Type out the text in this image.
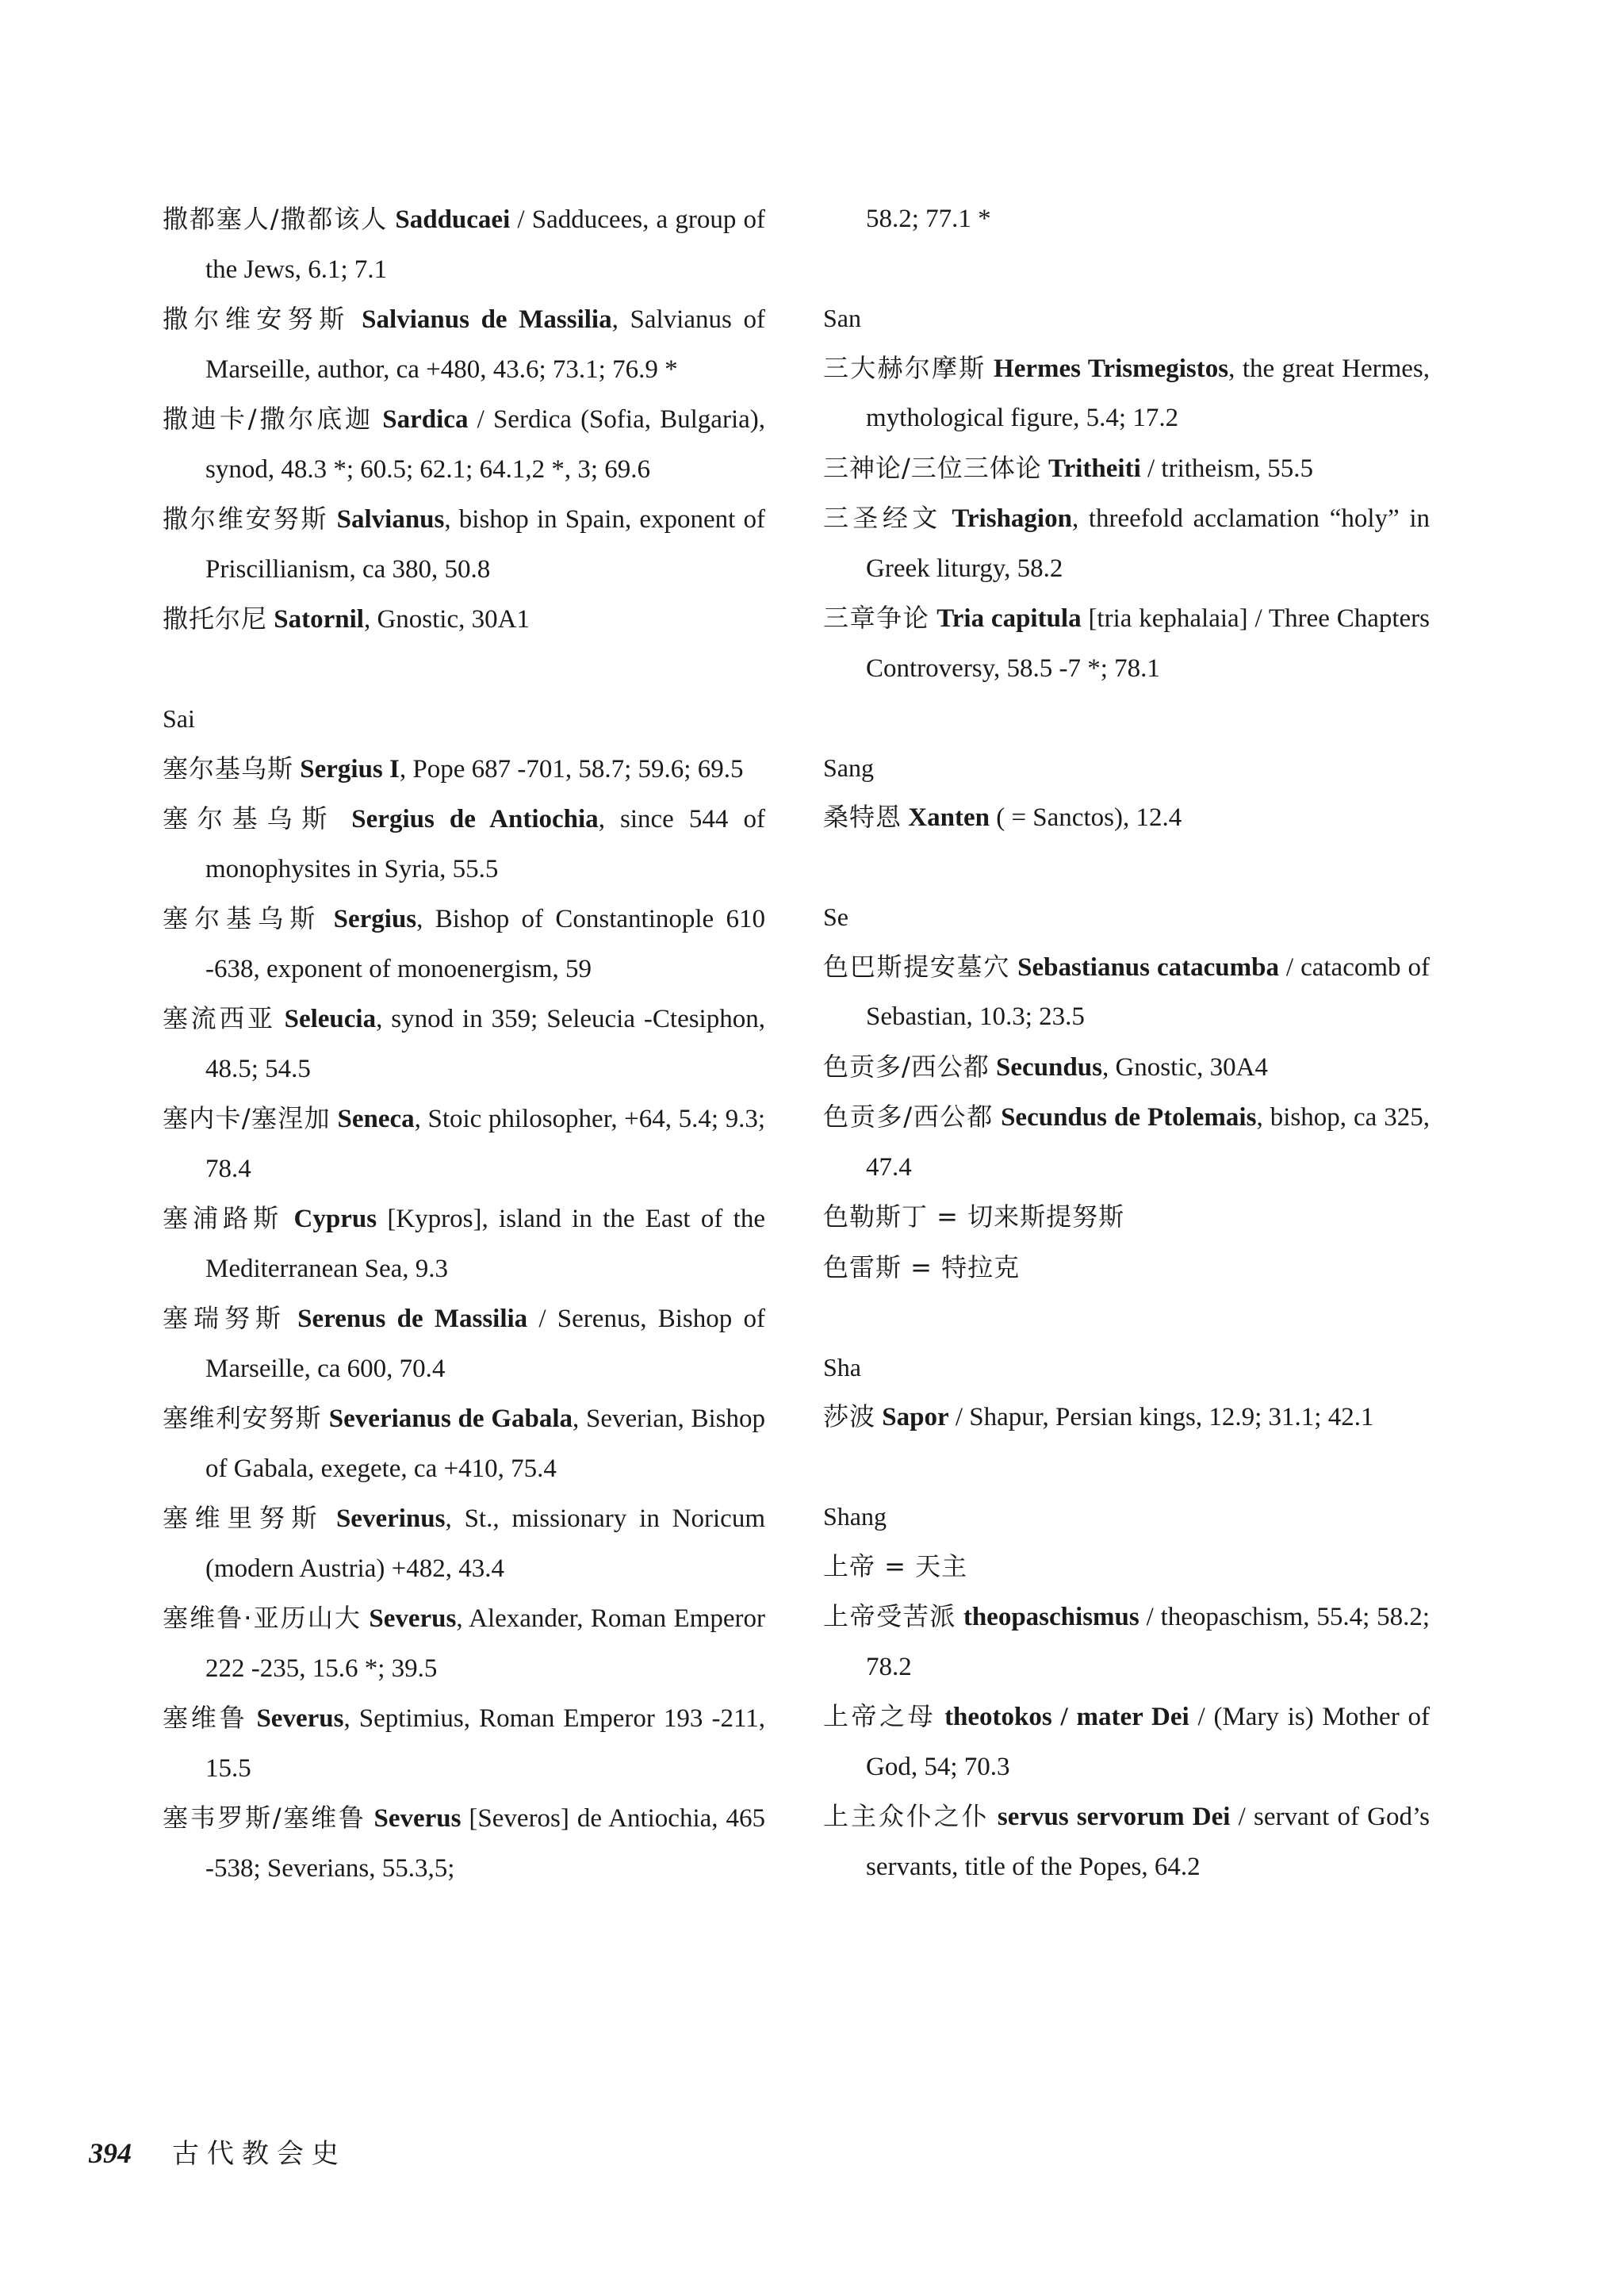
撒都塞人/撒都该人 Sadducaei / Sadducees, a group of the Jews, 6.1; 7.1
撒尔维安努斯 Salvianus de Massilia, Salvianus of Marseille, author, ca +480, 43.6; 73.1; 76.9 *
撒迪卡/撒尔底迦 Sardica / Serdica (Sofia, Bulgaria), synod, 48.3 *; 60.5; 62.1; 64.1,2 *, 3; 69.6
撒尔维安努斯 Salvianus, bishop in Spain, exponent of Priscillianism, ca 380, 50.8
撒托尔尼 Satornil, Gnostic, 30A1
Sai
塞尔基乌斯 Sergius I, Pope 687 -701, 58.7; 59.6; 69.5
塞尔基乌斯 Sergius de Antiochia, since 544 of monophysites in Syria, 55.5
塞尔基乌斯 Sergius, Bishop of Constantinople 610 -638, exponent of monoenergism, 59
塞流西亚 Seleucia, synod in 359; Seleucia -Ctesiphon, 48.5; 54.5
塞内卡/塞涅加 Seneca, Stoic philosopher, +64, 5.4; 9.3; 78.4
塞浦路斯 Cyprus [Kypros], island in the East of the Mediterranean Sea, 9.3
塞瑞努斯 Serenus de Massilia / Serenus, Bishop of Marseille, ca 600, 70.4
塞维利安努斯 Severianus de Gabala, Severian, Bishop of Gabala, exegete, ca +410, 75.4
塞维里努斯 Severinus, St., missionary in Noricum (modern Austria) +482, 43.4
塞维鲁·亚历山大 Severus, Alexander, Roman Emperor 222 -235, 15.6 *; 39.5
塞维鲁 Severus, Septimius, Roman Emperor 193 -211, 15.5
塞韦罗斯/塞维鲁 Severus [Severos] de Antiochia, 465 -538; Severians, 55.3,5;
58.2; 77.1 *
San
三大赫尔摩斯 Hermes Trismegistos, the great Hermes, mythological figure, 5.4; 17.2
三神论/三位三体论 Tritheiti / tritheism, 55.5
三圣经文 Trishagion, threefold acclamation “holy” in Greek liturgy, 58.2
三章争论 Tria capitula [tria kephalaia] / Three Chapters Controversy, 58.5 -7 *; 78.1
Sang
桑特恩 Xanten ( = Sanctos), 12.4
Se
色巴斯提安墓穴 Sebastianus catacumba / catacomb of Sebastian, 10.3; 23.5
色贡多/西公都 Secundus, Gnostic, 30A4
色贡多/西公都 Secundus de Ptolemais, bishop, ca 325, 47.4
色勒斯丁 = 切来斯提努斯
色雷斯 = 特拉克
Sha
莎波 Sapor / Shapur, Persian kings, 12.9; 31.1; 42.1
Shang
上帝 = 天主
上帝受苦派 theopaschismus / theopaschism, 55.4; 58.2; 78.2
上帝之母 theotokos / mater Dei / (Mary is) Mother of God, 54; 70.3
上主众仆之仆 servus servorum Dei / servant of God’s servants, title of the Popes, 64.2
394 古代教会史
